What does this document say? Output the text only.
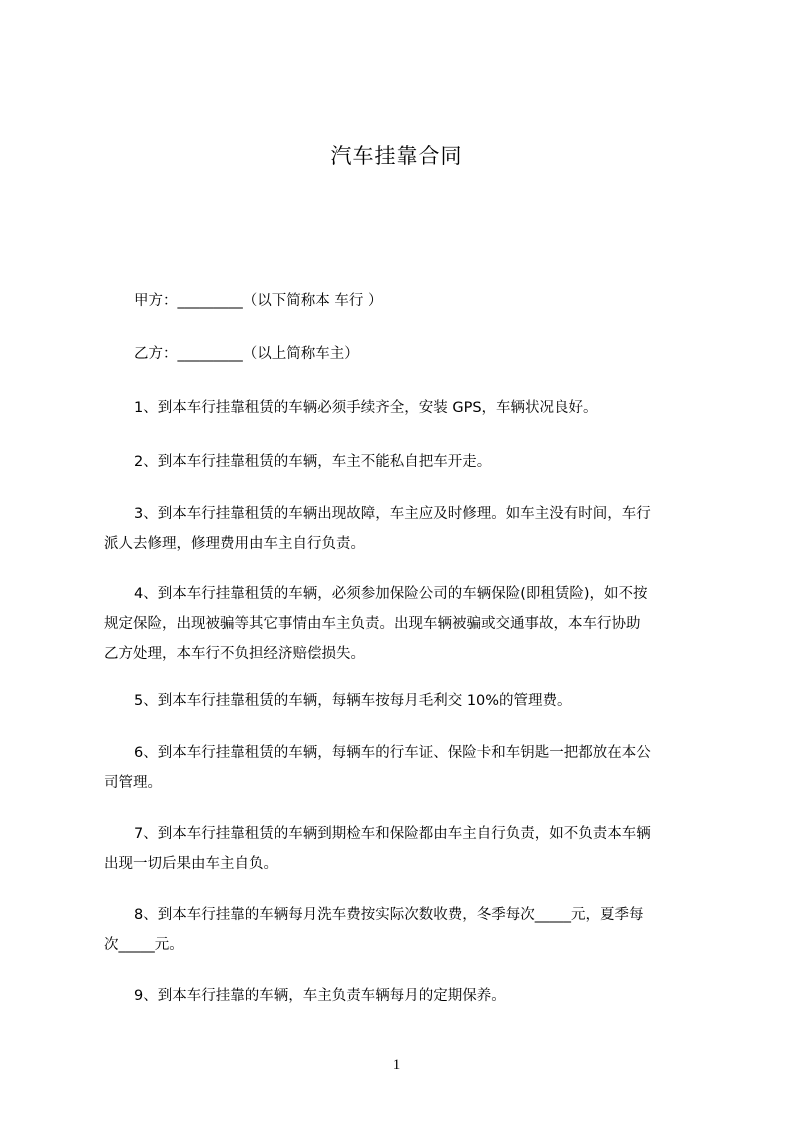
汽车挂靠合同
甲方：_________（以下简称本 车行 ）
乙方：_________（以上简称车主）
1、到本车行挂靠租赁的车辆必须手续齐全，安装 GPS，车辆状况良好。
2、到本车行挂靠租赁的车辆，车主不能私自把车开走。
3、到本车行挂靠租赁的车辆出现故障，车主应及时修理。如车主没有时间，车行
派人去修理，修理费用由车主自行负责。
4、到本车行挂靠租赁的车辆，必须参加保险公司的车辆保险(即租赁险)，如不按
规定保险，出现被骗等其它事情由车主负责。出现车辆被骗或交通事故，本车行协助
乙方处理，本车行不负担经济赔偿损失。
5、到本车行挂靠租赁的车辆，每辆车按每月毛利交 10%的管理费。
6、到本车行挂靠租赁的车辆，每辆车的行车证、保险卡和车钥匙一把都放在本公
司管理。
7、到本车行挂靠租赁的车辆到期检车和保险都由车主自行负责，如不负责本车辆
出现一切后果由车主自负。
8、到本车行挂靠的车辆每月洗车费按实际次数收费，冬季每次_____元，夏季每
次_____元。
9、到本车行挂靠的车辆，车主负责车辆每月的定期保养。
1
